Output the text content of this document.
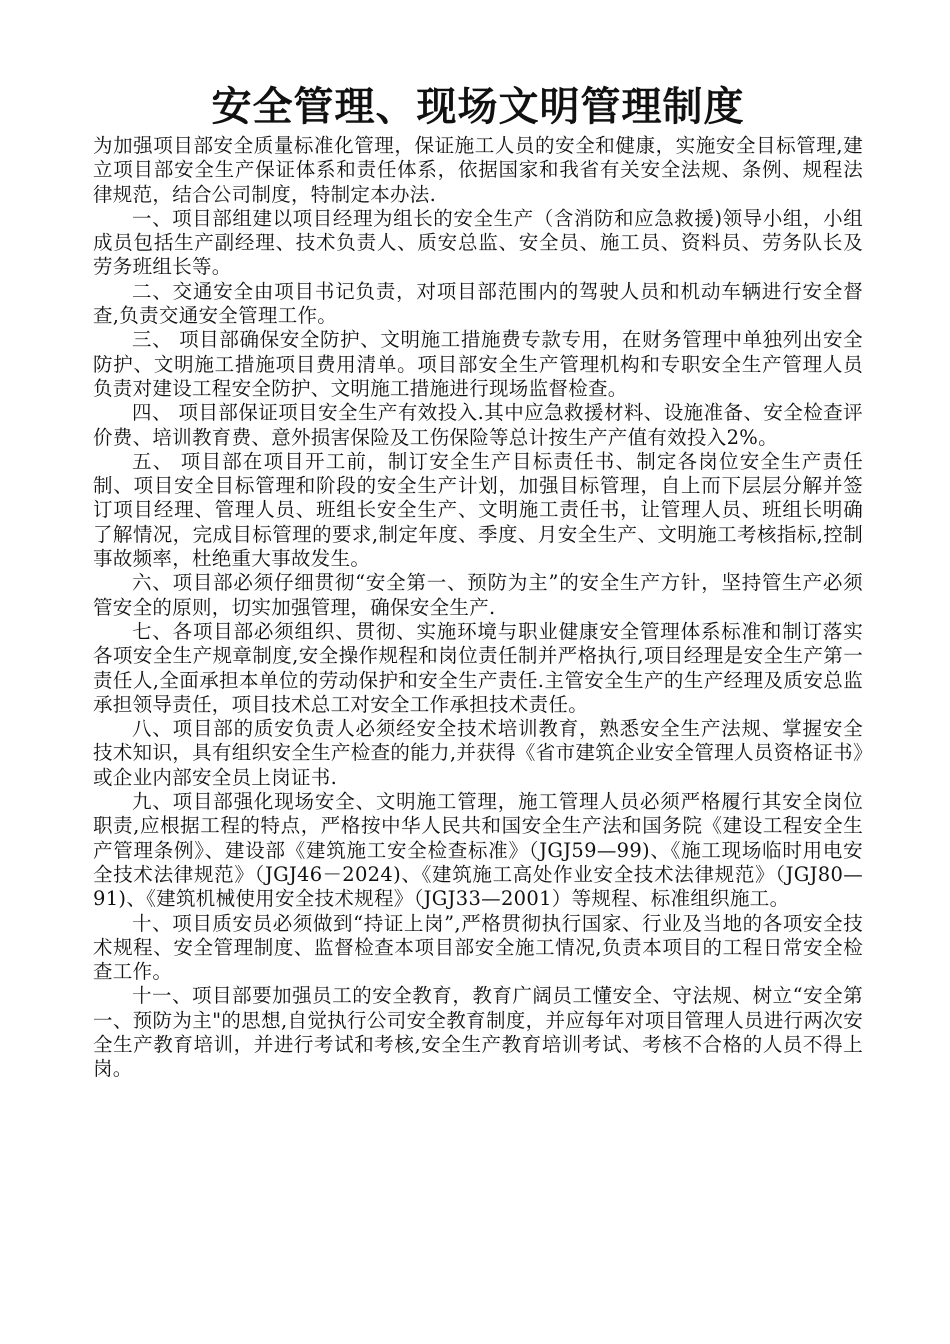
安全管理、现场文明管理制度

为加强项目部安全质量标准化管理，保证施工人员的安全和健康，实施安全目标管理,建立项目部安全生产保证体系和责任体系，依据国家和我省有关安全法规、条例、规程法律规范，结合公司制度，特制定本办法.

一、项目部组建以项目经理为组长的安全生产（含消防和应急救援)领导小组，小组成员包括生产副经理、技术负责人、质安总监、安全员、施工员、资料员、劳务队长及劳务班组长等。

二、交通安全由项目书记负责，对项目部范围内的驾驶人员和机动车辆进行安全督查,负责交通安全管理工作。

三、 项目部确保安全防护、文明施工措施费专款专用，在财务管理中单独列出安全防护、文明施工措施项目费用清单。项目部安全生产管理机构和专职安全生产管理人员负责对建设工程安全防护、文明施工措施进行现场监督检查。

四、 项目部保证项目安全生产有效投入.其中应急救援材料、设施准备、安全检查评价费、培训教育费、意外损害保险及工伤保险等总计按生产产值有效投入2%。

五、 项目部在项目开工前，制订安全生产目标责任书、制定各岗位安全生产责任制、项目安全目标管理和阶段的安全生产计划，加强目标管理，自上而下层层分解并签订项目经理、管理人员、班组长安全生产、文明施工责任书，让管理人员、班组长明确了解情况，完成目标管理的要求,制定年度、季度、月安全生产、文明施工考核指标,控制事故频率，杜绝重大事故发生。

六、项目部必须仔细贯彻“安全第一、预防为主”的安全生产方针，坚持管生产必须管安全的原则，切实加强管理，确保安全生产.

七、各项目部必须组织、贯彻、实施环境与职业健康安全管理体系标准和制订落实各项安全生产规章制度,安全操作规程和岗位责任制并严格执行,项目经理是安全生产第一责任人,全面承担本单位的劳动保护和安全生产责任.主管安全生产的生产经理及质安总监承担领导责任，项目技术总工对安全工作承担技术责任。

八、项目部的质安负责人必须经安全技术培训教育，熟悉安全生产法规、掌握安全技术知识，具有组织安全生产检查的能力,并获得《省市建筑企业安全管理人员资格证书》或企业内部安全员上岗证书.

九、项目部强化现场安全、文明施工管理，施工管理人员必须严格履行其安全岗位职责,应根据工程的特点，严格按中华人民共和国安全生产法和国务院《建设工程安全生产管理条例》、建设部《建筑施工安全检查标准》（JGJ59—99)、《施工现场临时用电安全技术法律规范》（JGJ46－2024)、《建筑施工高处作业安全技术法律规范》（JGJ80—91)、《建筑机械使用安全技术规程》（JGJ33—2001）等规程、标准组织施工。

十、项目质安员必须做到“持证上岗”,严格贯彻执行国家、行业及当地的各项安全技术规程、安全管理制度、监督检查本项目部安全施工情况,负责本项目的工程日常安全检查工作。

十一、项目部要加强员工的安全教育，教育广阔员工懂安全、守法规、树立“安全第一、预防为主"的思想,自觉执行公司安全教育制度，并应每年对项目管理人员进行两次安全生产教育培训，并进行考试和考核,安全生产教育培训考试、考核不合格的人员不得上岗。
